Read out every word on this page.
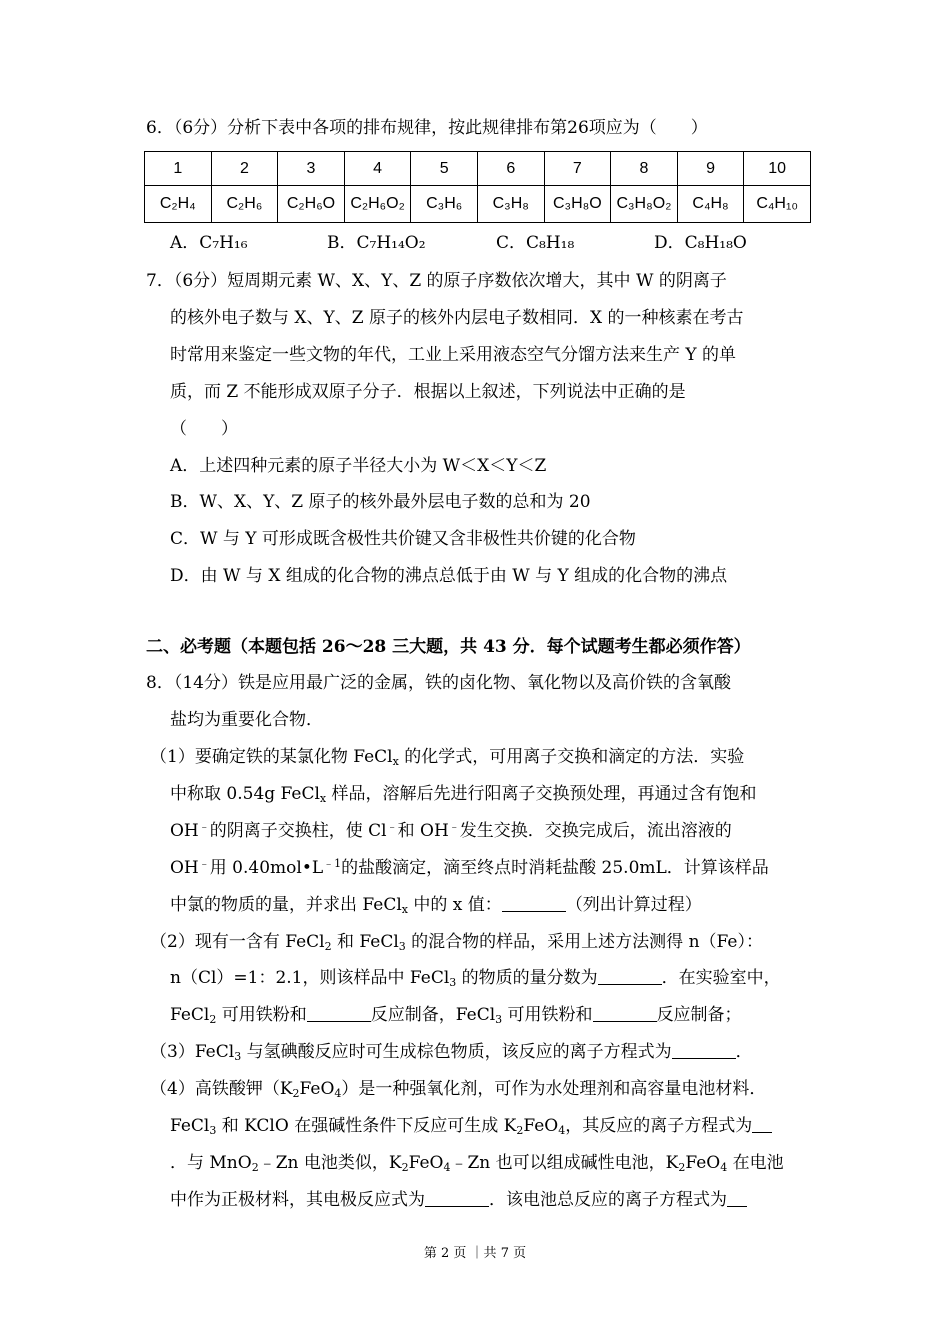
6．（6分）分析下表中各项的排布规律，按此规律排布第26项应为（　　）
1	2	3	4	5	6	7	8	9	10
C₂H₄	C₂H₆	C₂H₆O	C₂H₆O₂	C₃H₆	C₃H₈	C₃H₈O	C₃H₈O₂	C₄H₈	C₄H₁₀
A．C₇H₁₆	B．C₇H₁₄O₂	C．C₈H₁₈	D．C₈H₁₈O
7．（6分）短周期元素 W、X、Y、Z 的原子序数依次增大，其中 W 的阴离子
的核外电子数与 X、Y、Z 原子的核外内层电子数相同．X 的一种核素在考古
时常用来鉴定一些文物的年代，工业上采用液态空气分馏方法来生产 Y 的单
质，而 Z 不能形成双原子分子．根据以上叙述，下列说法中正确的是
（　　）
A．上述四种元素的原子半径大小为 W＜X＜Y＜Z
B．W、X、Y、Z 原子的核外最外层电子数的总和为 20
C．W 与 Y 可形成既含极性共价键又含非极性共价键的化合物
D．由 W 与 X 组成的化合物的沸点总低于由 W 与 Y 组成的化合物的沸点
二、必考题（本题包括 26～28 三大题，共 43 分．每个试题考生都必须作答）
8．（14分）铁是应用最广泛的金属，铁的卤化物、氧化物以及高价铁的含氧酸
盐均为重要化合物．
（1）要确定铁的某氯化物 FeCl$_x$ 的化学式，可用离子交换和滴定的方法．实验
中称取 0.54g FeCl$_x$ 样品，溶解后先进行阳离子交换预处理，再通过含有饱和
OH﹣的阴离子交换柱，使 Cl﹣和 OH﹣发生交换．交换完成后，流出溶液的
OH﹣用 $0.40mol•L^{﹣1}$的盐酸滴定，滴至终点时消耗盐酸 25.0mL．计算该样品
中氯的物质的量，并求出 FeCl$_x$ 中的 x 值：	（列出计算过程）
（2）现有一含有 FeCl$_2$ 和 FeCl$_3$ 的混合物的样品，采用上述方法测得 n（Fe）：
n（Cl）=1：2.1，则该样品中 FeCl$_3$ 的物质的量分数为	．在实验室中，
FeCl$_2$ 可用铁粉和	反应制备，FeCl$_3$ 可用铁粉和	反应制备；
（3）FeCl$_3$ 与氢碘酸反应时可生成棕色物质，该反应的离子方程式为	．
（4）高铁酸钾$(K_2FeO_4)$是一种强氧化剂，可作为水处理剂和高容量电池材料．
FeCl$_3$ 和 KClO 在强碱性条件下反应可生成 $K_2FeO_4$，其反应的离子方程式为
．与 MnO$_2$﹣Zn 电池类似，$K_2FeO_4﹣Zn$ 也可以组成碱性电池，$K_2FeO_4$ 在电池
中作为正极材料，其电极反应式为	．该电池总反应的离子方程式为
第 2 页 ｜共 7 页
